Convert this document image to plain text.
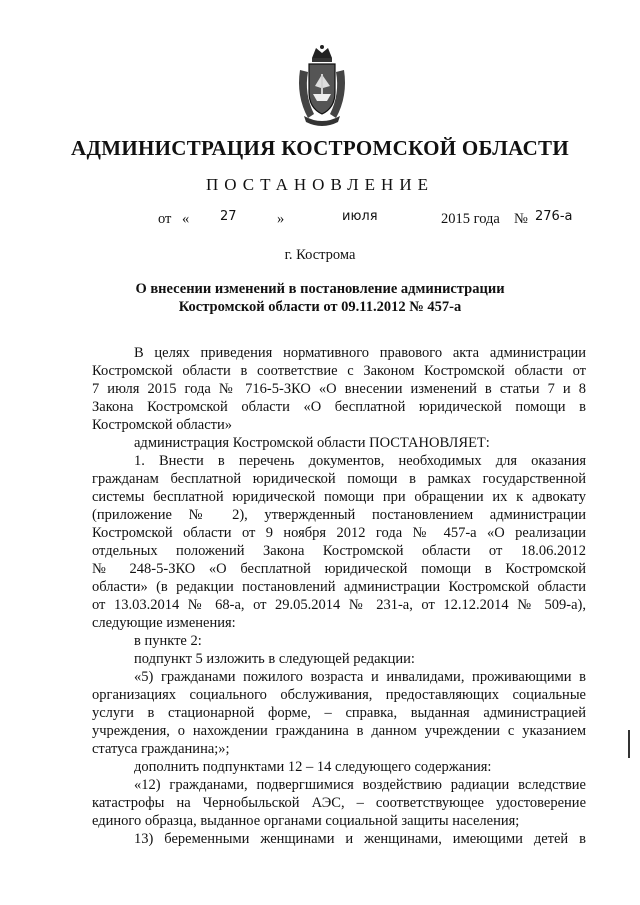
АДМИНИСТРАЦИЯ КОСТРОМСКОЙ ОБЛАСТИ
ПОСТАНОВЛЕНИЕ
от « 27	»	июля	2015 года № 276-а
г. Кострома
О внесении изменений в постановление администрации
Костромской области от 09.11.2012 № 457-а
В целях приведения нормативного правового акта администрации
Костромской области в соответствие с Законом Костромской области от
7 июля 2015 года № 716-5-ЗКО «О внесении изменений в статьи 7 и 8
Закона Костромской области «О бесплатной юридической помощи в
Костромской области»
администрация Костромской области ПОСТАНОВЛЯЕТ:
1. Внести в перечень документов, необходимых для оказания
гражданам бесплатной юридической помощи в рамках государственной
системы бесплатной юридической помощи при обращении их к адвокату
(приложение № 2), утвержденный постановлением администрации
Костромской области от 9 ноября 2012 года № 457-а «О реализации
отдельных положений Закона Костромской области от 18.06.2012
№ 248-5-ЗКО «О бесплатной юридической помощи в Костромской
области» (в редакции постановлений администрации Костромской области
от 13.03.2014 № 68-а, от 29.05.2014 № 231-а, от 12.12.2014 № 509-а),
следующие изменения:
в пункте 2:
подпункт 5 изложить в следующей редакции:
«5) гражданами пожилого возраста и инвалидами, проживающими в
организациях социального обслуживания, предоставляющих социальные
услуги в стационарной форме, – справка, выданная администрацией
учреждения, о нахождении гражданина в данном учреждении с указанием
статуса гражданина;»;
дополнить подпунктами 12 – 14 следующего содержания:
«12) гражданами, подвергшимися воздействию радиации вследствие
катастрофы на Чернобыльской АЭС, – соответствующее удостоверение
единого образца, выданное органами социальной защиты населения;
13) беременными женщинами и женщинами, имеющими детей в
